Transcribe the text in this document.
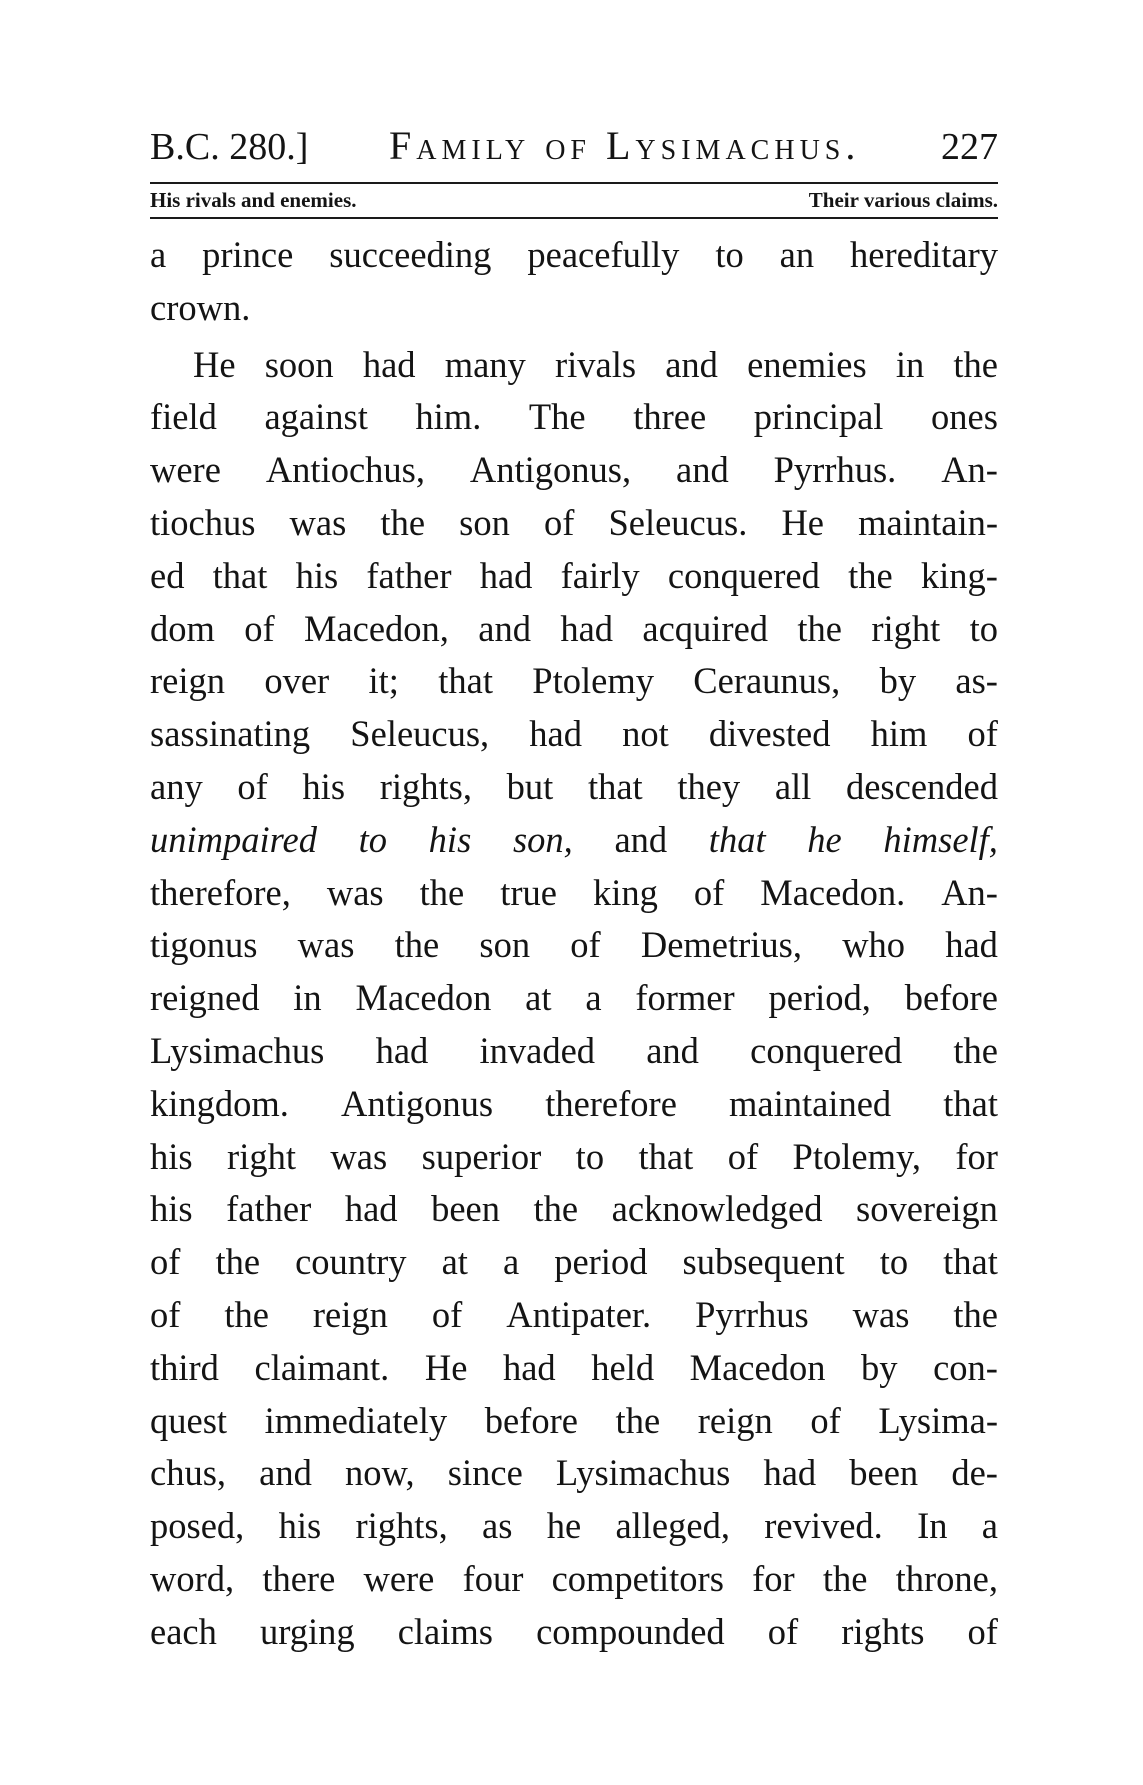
B.C. 280.] Family of Lysimachus. 227
His rivals and enemies.	Their various claims.
a prince succeeding peacefully to an hereditary
crown.
He soon had many rivals and enemies in the
field against him. The three principal ones
were Antiochus, Antigonus, and Pyrrhus. An-
tiochus was the son of Seleucus. He maintain-
ed that his father had fairly conquered the king-
dom of Macedon, and had acquired the right to
reign over it; that Ptolemy Ceraunus, by as-
sassinating Seleucus, had not divested him of
any of his rights, but that they all descended
unimpaired to his son, and that he himself,
therefore, was the true king of Macedon. An-
tigonus was the son of Demetrius, who had
reigned in Macedon at a former period, before
Lysimachus had invaded and conquered the
kingdom. Antigonus therefore maintained that
his right was superior to that of Ptolemy, for
his father had been the acknowledged sovereign
of the country at a period subsequent to that
of the reign of Antipater. Pyrrhus was the
third claimant. He had held Macedon by con-
quest immediately before the reign of Lysima-
chus, and now, since Lysimachus had been de-
posed, his rights, as he alleged, revived. In a
word, there were four competitors for the throne,
each urging claims compounded of rights of
